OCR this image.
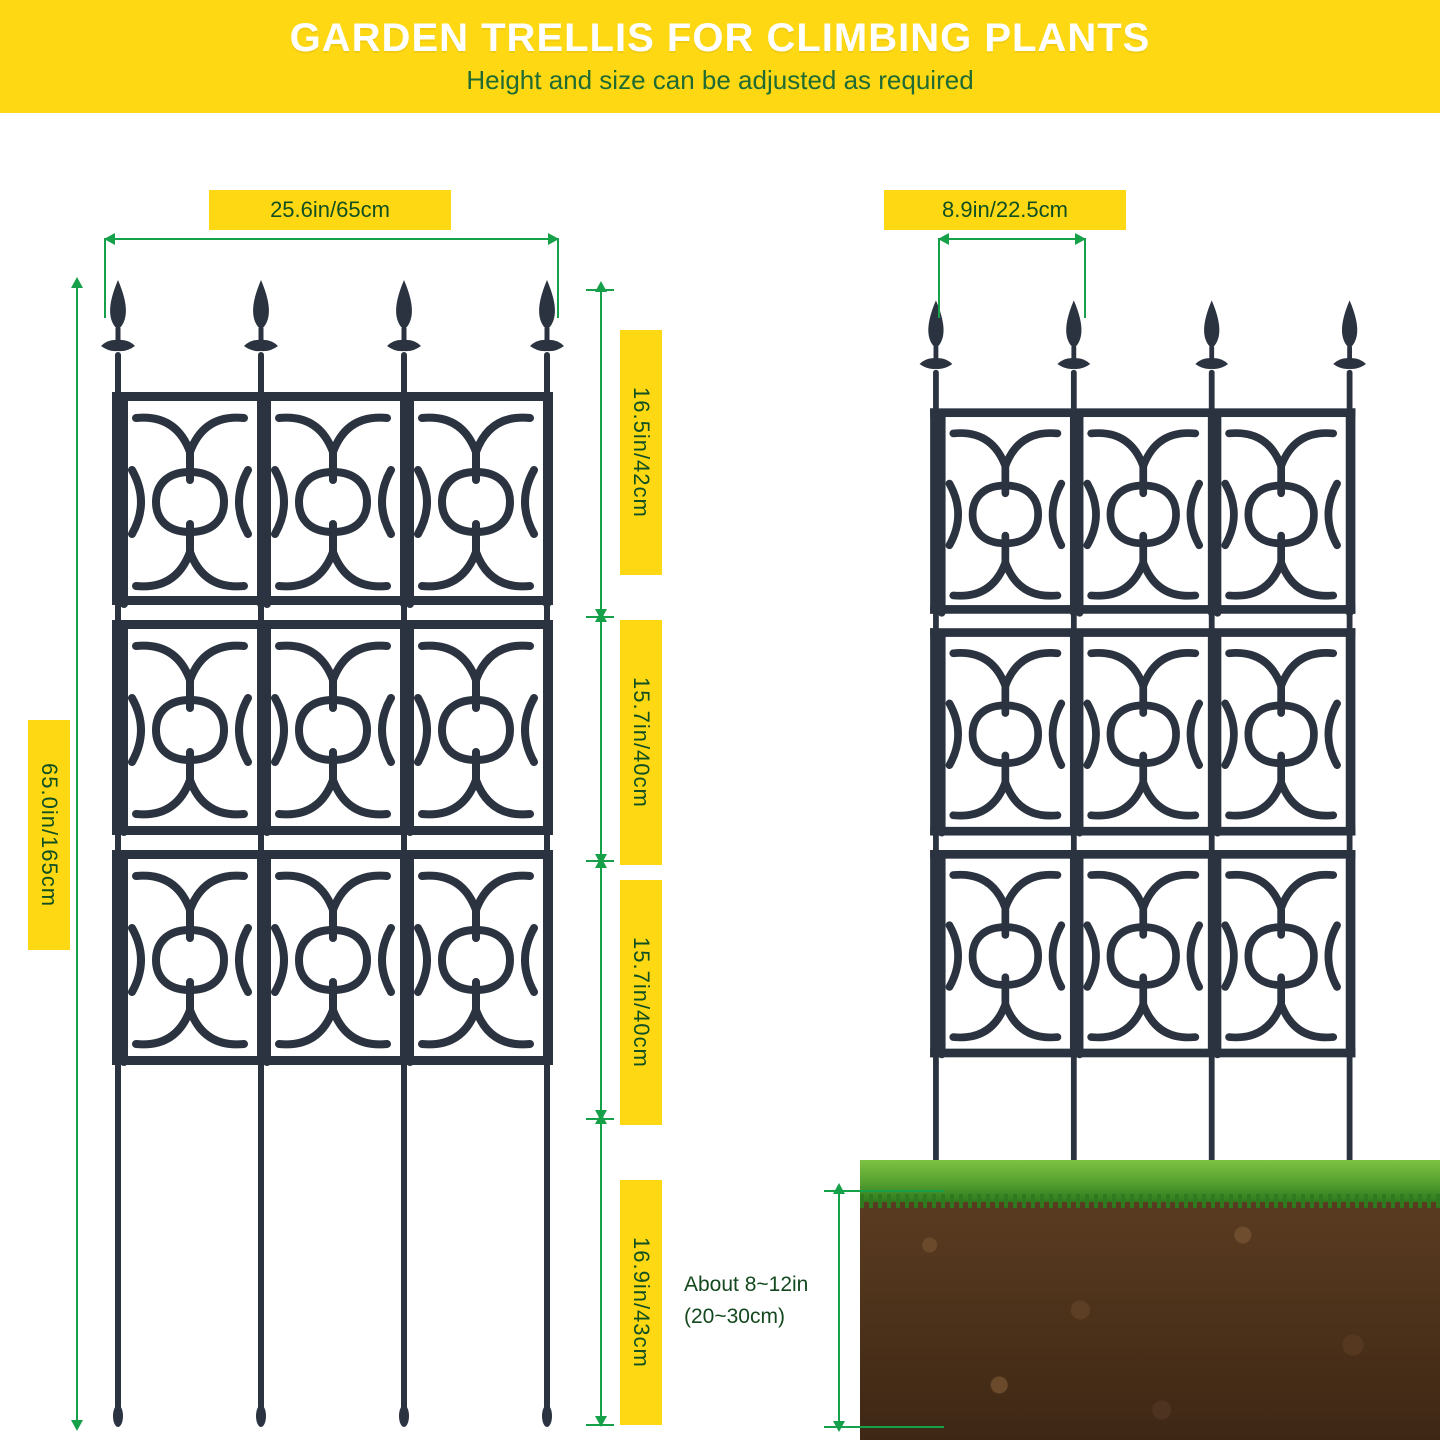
GARDEN TRELLIS FOR CLIMBING PLANTS
Height and size can be adjusted as required
25.6in/65cm	8.9in/22.5cm
65.0in/165cm
16.5in/42cm
15.7in/40cm
15.7in/40cm
16.9in/43cm	About 8~12in
(20~30cm)
